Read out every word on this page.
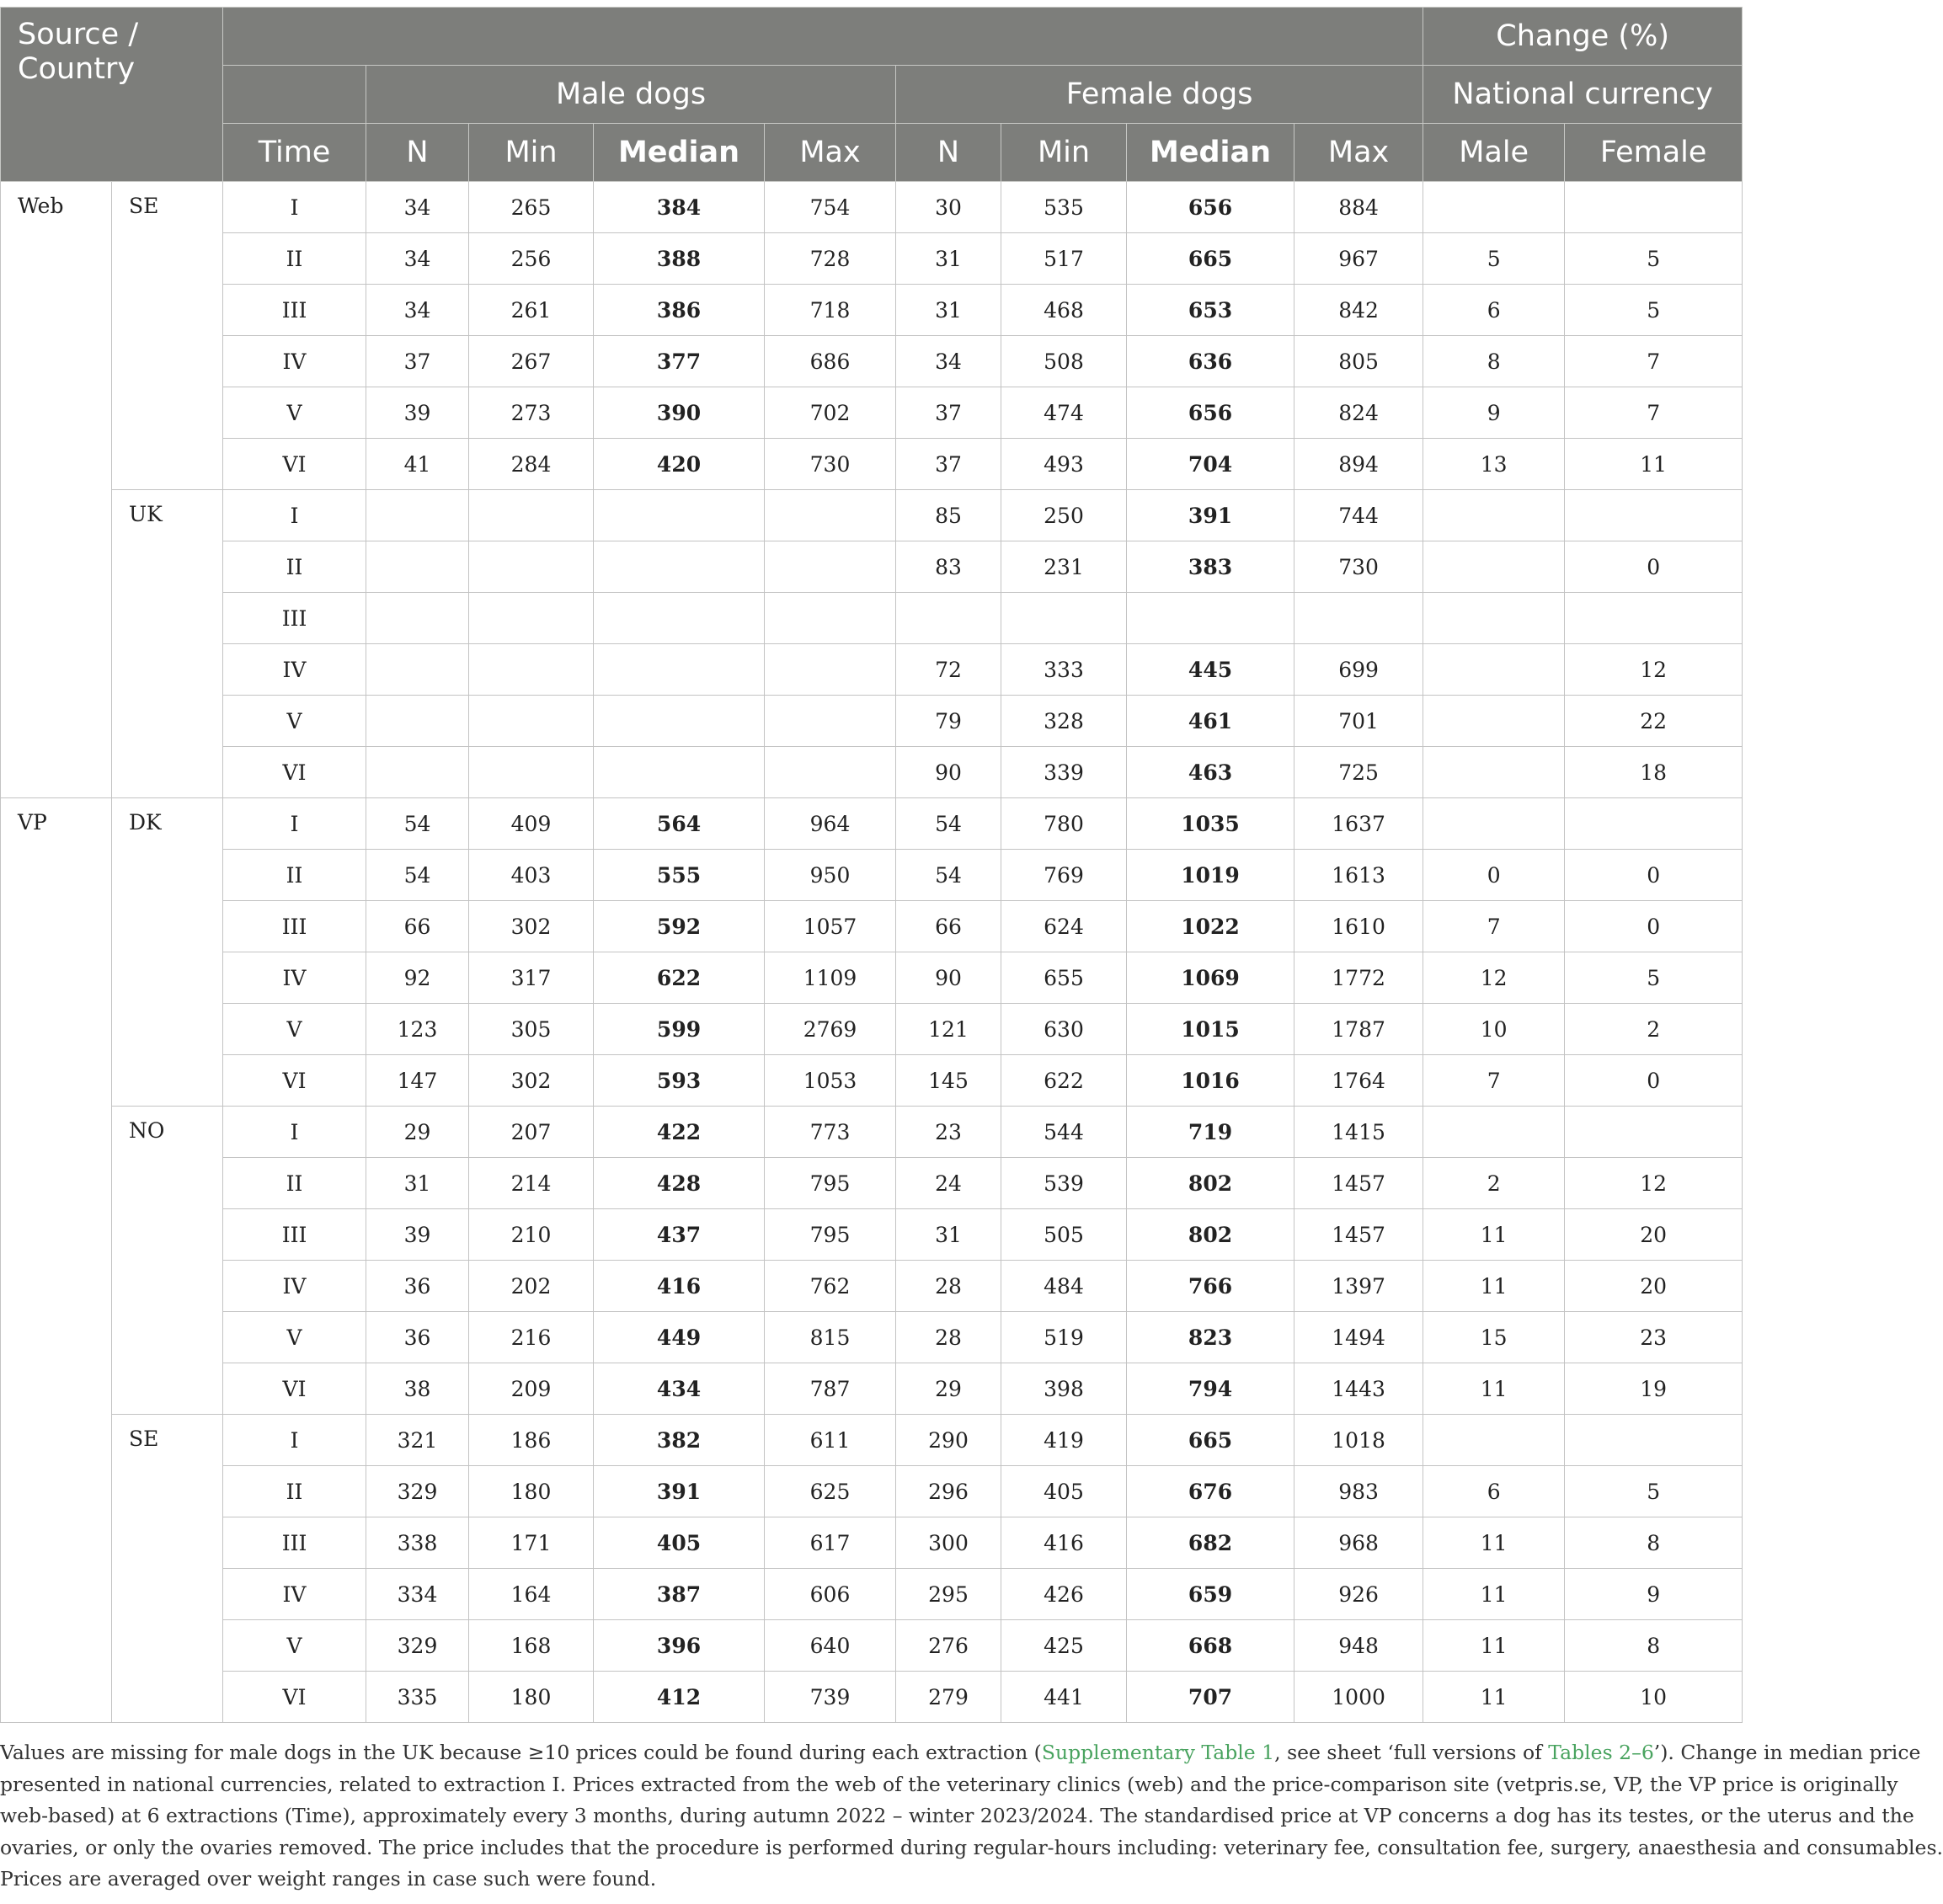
Source / Country											Change (%)	
			Male dogs				Female dogs				National currency	
		Time	N	Min	Median	Max	N	Min	Median	Max	Male	Female
Web	SE	I	34	265	384	754	30	535	656	884		
		II	34	256	388	728	31	517	665	967	5	5
		III	34	261	386	718	31	468	653	842	6	5
		IV	37	267	377	686	34	508	636	805	8	7
		V	39	273	390	702	37	474	656	824	9	7
		VI	41	284	420	730	37	493	704	894	13	11
	UK	I					85	250	391	744		
		II					83	231	383	730		0
		III										
		IV					72	333	445	699		12
		V					79	328	461	701		22
		VI					90	339	463	725		18
VP	DK	I	54	409	564	964	54	780	1035	1637		
		II	54	403	555	950	54	769	1019	1613	0	0
		III	66	302	592	1057	66	624	1022	1610	7	0
		IV	92	317	622	1109	90	655	1069	1772	12	5
		V	123	305	599	2769	121	630	1015	1787	10	2
		VI	147	302	593	1053	145	622	1016	1764	7	0
	NO	I	29	207	422	773	23	544	719	1415		
		II	31	214	428	795	24	539	802	1457	2	12
		III	39	210	437	795	31	505	802	1457	11	20
		IV	36	202	416	762	28	484	766	1397	11	20
		V	36	216	449	815	28	519	823	1494	15	23
		VI	38	209	434	787	29	398	794	1443	11	19
	SE	I	321	186	382	611	290	419	665	1018		
		II	329	180	391	625	296	405	676	983	6	5
		III	338	171	405	617	300	416	682	968	11	8
		IV	334	164	387	606	295	426	659	926	11	9
		V	329	168	396	640	276	425	668	948	11	8
		VI	335	180	412	739	279	441	707	1000	11	10
Values are missing for male dogs in the UK because ≥10 prices could be found during each extraction (Supplementary Table 1, see sheet ‘full versions of Tables 2–6’). Change in median price
presented in national currencies, related to extraction I. Prices extracted from the web of the veterinary clinics (web) and the price-comparison site (vetpris.se, VP, the VP price is originally
web-based) at 6 extractions (Time), approximately every 3 months, during autumn 2022 – winter 2023/2024. The standardised price at VP concerns a dog has its testes, or the uterus and the
ovaries, or only the ovaries removed. The price includes that the procedure is performed during regular-hours including: veterinary fee, consultation fee, surgery, anaesthesia and consumables.
Prices are averaged over weight ranges in case such were found.
